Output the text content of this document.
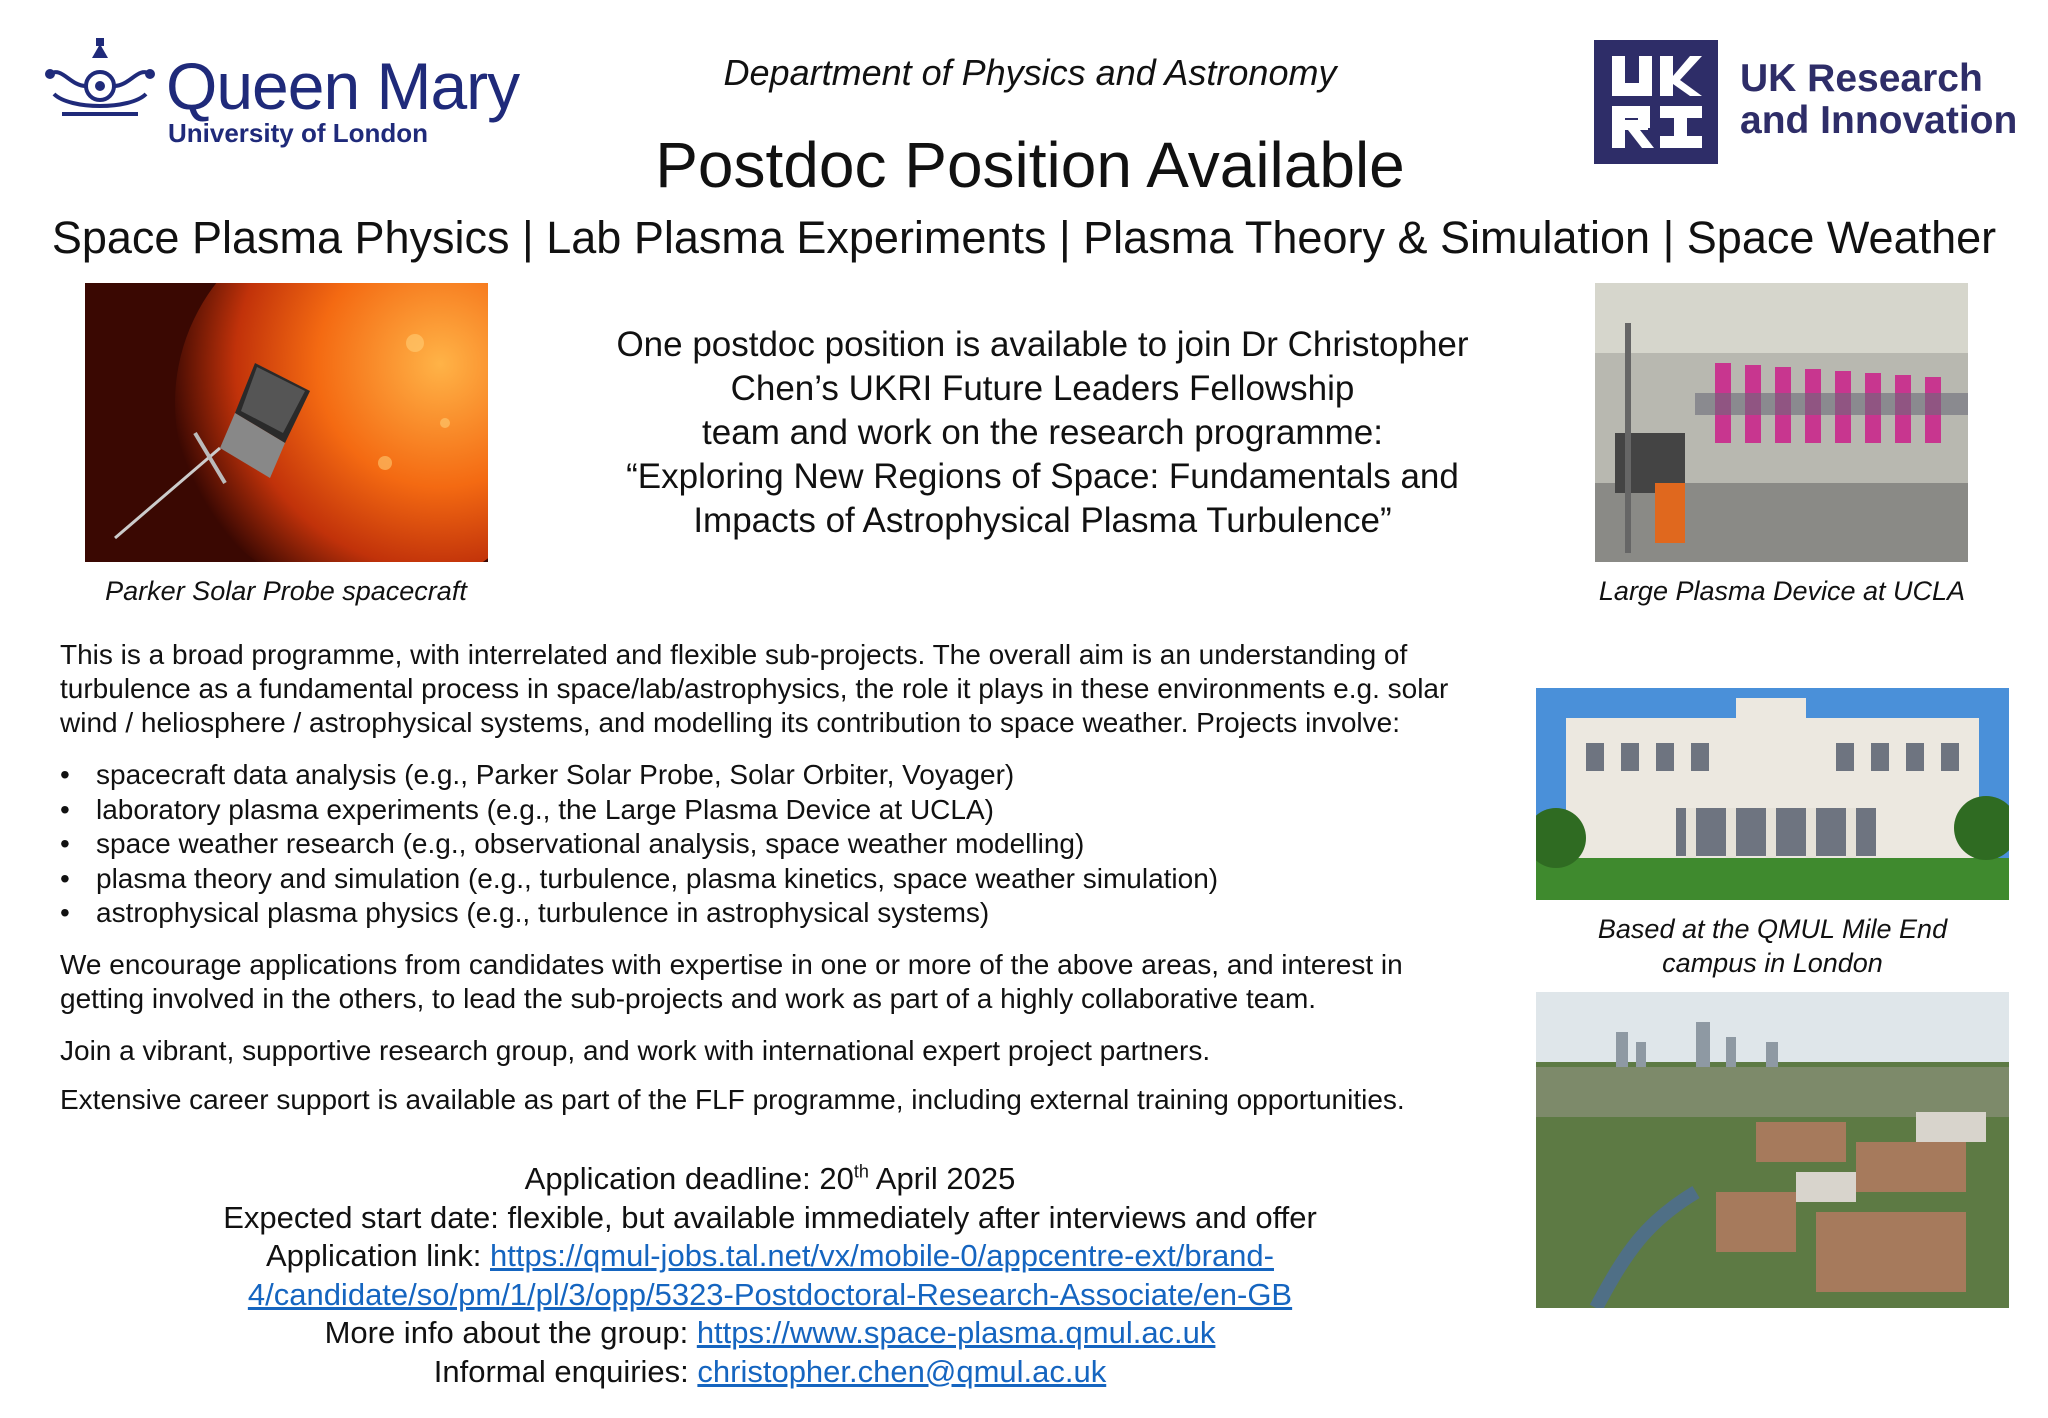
Queen Mary
University of London
Department of Physics and Astronomy
Postdoc Position Available
Space Plasma Physics | Lab Plasma Experiments | Plasma Theory & Simulation | Space Weather
UK Research
and Innovation
Parker Solar Probe spacecraft	Large Plasma Device at UCLA
Based at the QMUL Mile End
campus in London
One postdoc position is available to join Dr Christopher
Chen’s UKRI Future Leaders Fellowship
team and work on the research programme:
“Exploring New Regions of Space: Fundamentals and
Impacts of Astrophysical Plasma Turbulence”
This is a broad programme, with interrelated and flexible sub-projects. The overall aim is an understanding of
turbulence as a fundamental process in space/lab/astrophysics, the role it plays in these environments e.g. solar
wind / heliosphere / astrophysical systems, and modelling its contribution to space weather. Projects involve:
• spacecraft data analysis (e.g., Parker Solar Probe, Solar Orbiter, Voyager)
• laboratory plasma experiments (e.g., the Large Plasma Device at UCLA)
• space weather research (e.g., observational analysis, space weather modelling)
• plasma theory and simulation (e.g., turbulence, plasma kinetics, space weather simulation)
• astrophysical plasma physics (e.g., turbulence in astrophysical systems)
We encourage applications from candidates with expertise in one or more of the above areas, and interest in
getting involved in the others, to lead the sub-projects and work as part of a highly collaborative team.
Join a vibrant, supportive research group, and work with international expert project partners.
Extensive career support is available as part of the FLF programme, including external training opportunities.
Application deadline: 20th April 2025
Expected start date: flexible, but available immediately after interviews and offer
Application link: https://qmul-jobs.tal.net/vx/mobile-0/appcentre-ext/brand-
4/candidate/so/pm/1/pl/3/opp/5323-Postdoctoral-Research-Associate/en-GB
More info about the group: https://www.space-plasma.qmul.ac.uk
Informal enquiries: christopher.chen@qmul.ac.uk
